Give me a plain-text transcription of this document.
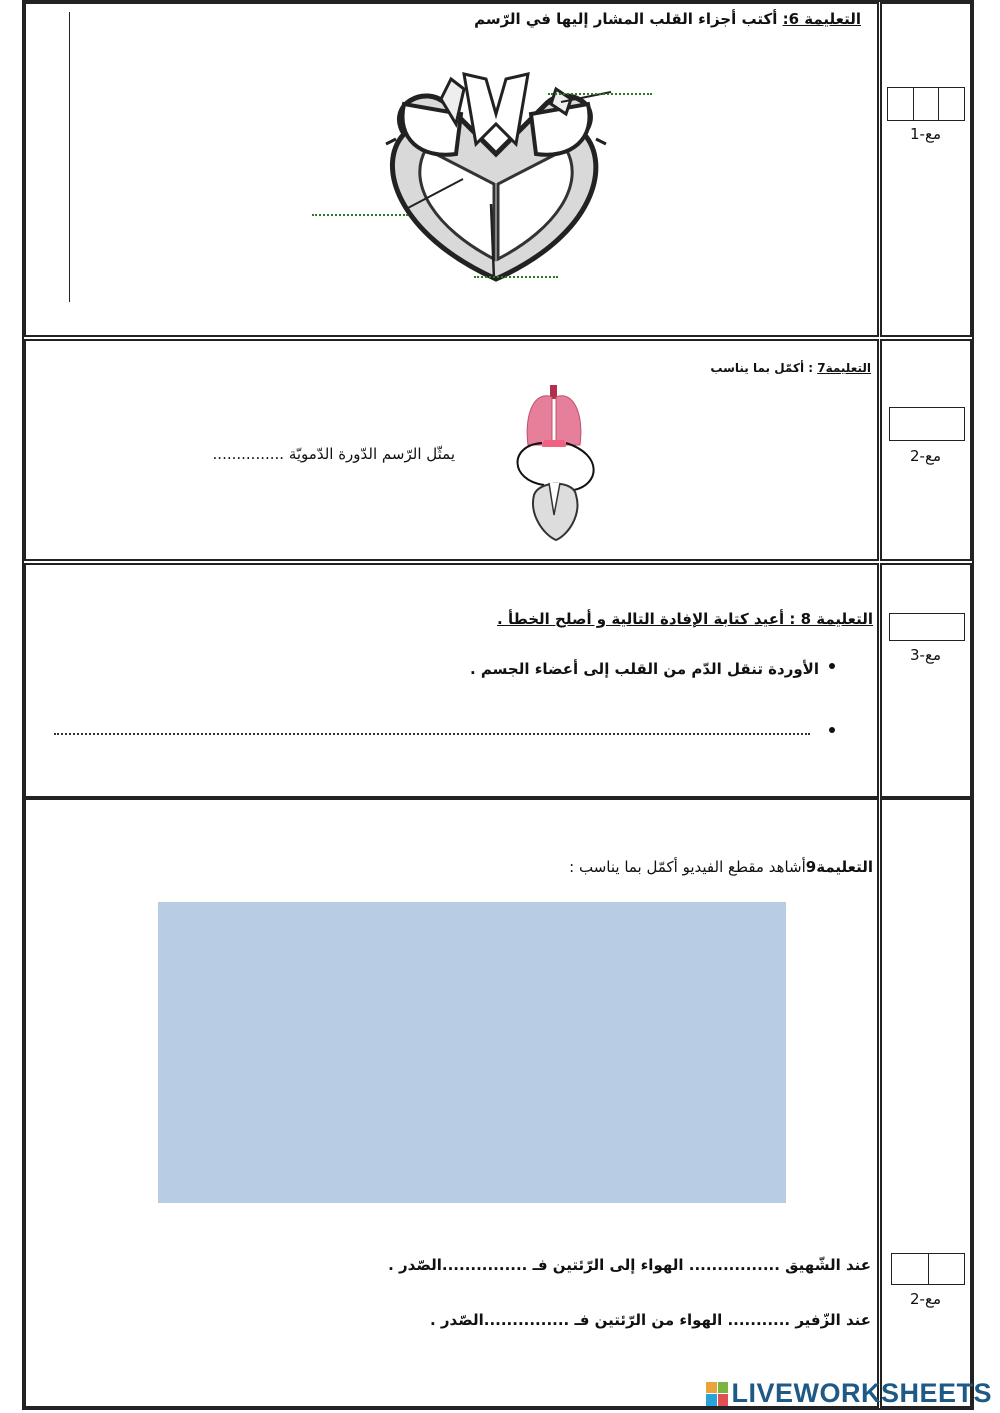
التعليمة 6: أكتب أجزاء القلب المشار إليها في الرّسم
مع-1
التعليمة7 : أكمّل بما يناسب
يمثّل الرّسم الدّورة الدّمويّة ...............	مع-2
التعليمة 8 : أعيد كتابة الإفادة التالية و أصلح الخطأ .
الأوردة تنقل الدّم من القلب إلى أعضاء الجسم .
مع-3
التعليمة9أشاهد مقطع الفيديو أكمّل بما يناسب :
عند الشّهيق ................ الهواء إلى الرّئتين فـ ...............الصّدر .
عند الزّفير ........... الهواء من الرّئتين فـ ...............الصّدر .
مع-2
LIVEWORKSHEETS
